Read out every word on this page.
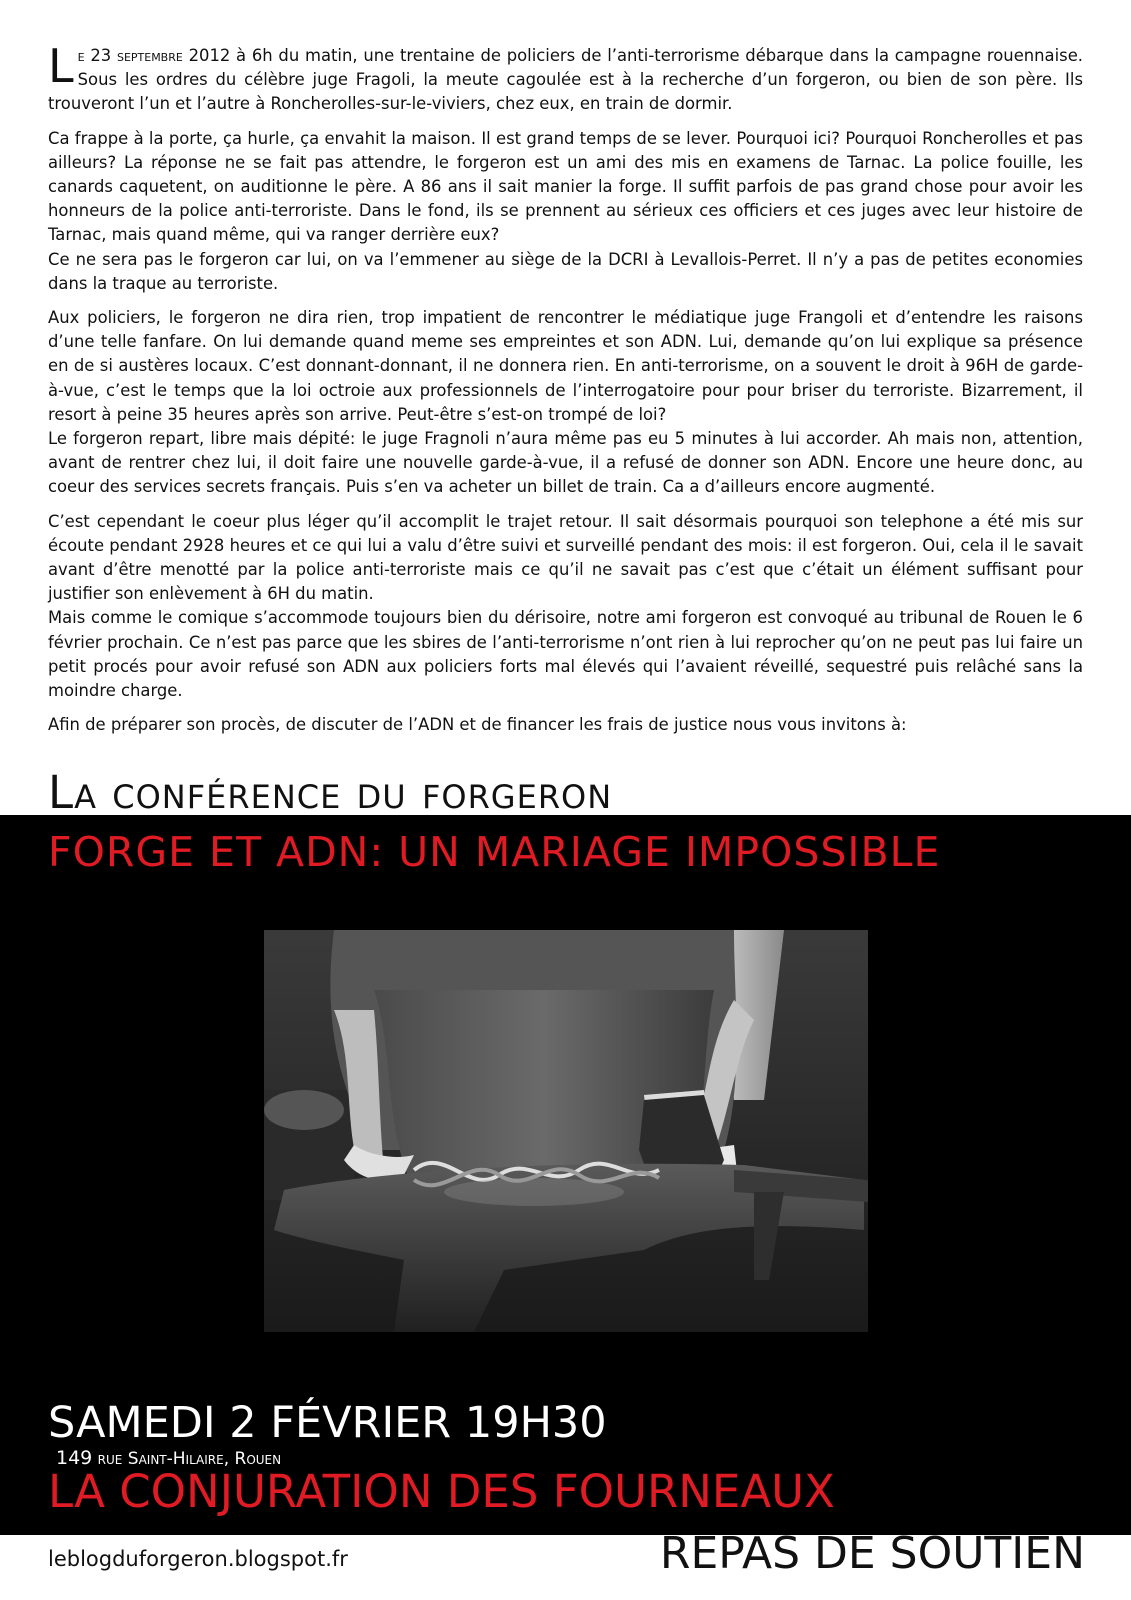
Le 23 septembre 2012 à 6h du matin, une trentaine de policiers de l’anti-terrorisme débarque dans la campagne rouennaise. Sous les ordres du célèbre juge Fragoli, la meute cagoulée est à la recherche d’un forgeron, ou bien de son père. Ils trouveront l’un et l’autre à Roncherolles-sur-le-viviers, chez eux, en train de dormir.

Ca frappe à la porte, ça hurle, ça envahit la maison. Il est grand temps de se lever. Pourquoi ici? Pourquoi Roncherolles et pas ailleurs? La réponse ne se fait pas attendre, le forgeron est un ami des mis en examens de Tarnac. La police fouille, les canards caquetent, on auditionne le père. A 86 ans il sait manier la forge. Il suffit parfois de pas grand chose pour avoir les honneurs de la police anti-terroriste. Dans le fond, ils se prennent au sérieux ces officiers et ces juges avec leur histoire de Tarnac, mais quand même, qui va ranger derrière eux?

Ce ne sera pas le forgeron car lui, on va l’emmener au siège de la DCRI à Levallois-Perret. Il n’y a pas de petites economies dans la traque au terroriste.

Aux policiers, le forgeron ne dira rien, trop impatient de rencontrer le médiatique juge Frangoli et d’entendre les raisons d’une telle fanfare. On lui demande quand meme ses empreintes et son ADN. Lui, demande qu’on lui explique sa présence en de si austères locaux. C’est donnant-donnant, il ne donnera rien. En anti-terrorisme, on a souvent le droit à 96H de garde-à-vue, c’est le temps que la loi octroie aux professionnels de l’interrogatoire pour pour briser du terroriste. Bizarrement, il resort à peine 35 heures après son arrive. Peut-être s’est-on trompé de loi?

Le forgeron repart, libre mais dépité: le juge Fragnoli n’aura même pas eu 5 minutes à lui accorder. Ah mais non, attention, avant de rentrer chez lui, il doit faire une nouvelle garde-à-vue, il a refusé de donner son ADN. Encore une heure donc, au coeur des services secrets français. Puis s’en va acheter un billet de train. Ca a d’ailleurs encore augmenté.

C’est cependant le coeur plus léger qu’il accomplit le trajet retour. Il sait désormais pourquoi son telephone a été mis sur écoute pendant 2928 heures et ce qui lui a valu d’être suivi et surveillé pendant des mois: il est forgeron. Oui, cela il le savait avant d’être menotté par la police anti-terroriste mais ce qu’il ne savait pas c’est que c’était un élément suffisant pour justifier son enlèvement à 6H du matin.

Mais comme le comique s’accommode toujours bien du dérisoire, notre ami forgeron est convoqué au tribunal de Rouen le 6 février prochain. Ce n’est pas parce que les sbires de l’anti-terrorisme n’ont rien à lui reprocher qu’on ne peut pas lui faire un petit procés pour avoir refusé son ADN aux policiers forts mal élevés qui l’avaient réveillé, sequestré puis relâché sans la moindre charge.

Afin de préparer son procès, de discuter de l’ADN et de financer les frais de justice nous vous invitons à:

La conférence du forgeron
FORGE ET ADN: UN MARIAGE IMPOSSIBLE
SAMEDI 2 FÉVRIER 19H30
149 rue Saint-Hilaire, Rouen
LA CONJURATION DES FOURNEAUX
leblogduforgeron.blogspot.fr	REPAS DE SOUTIEN
